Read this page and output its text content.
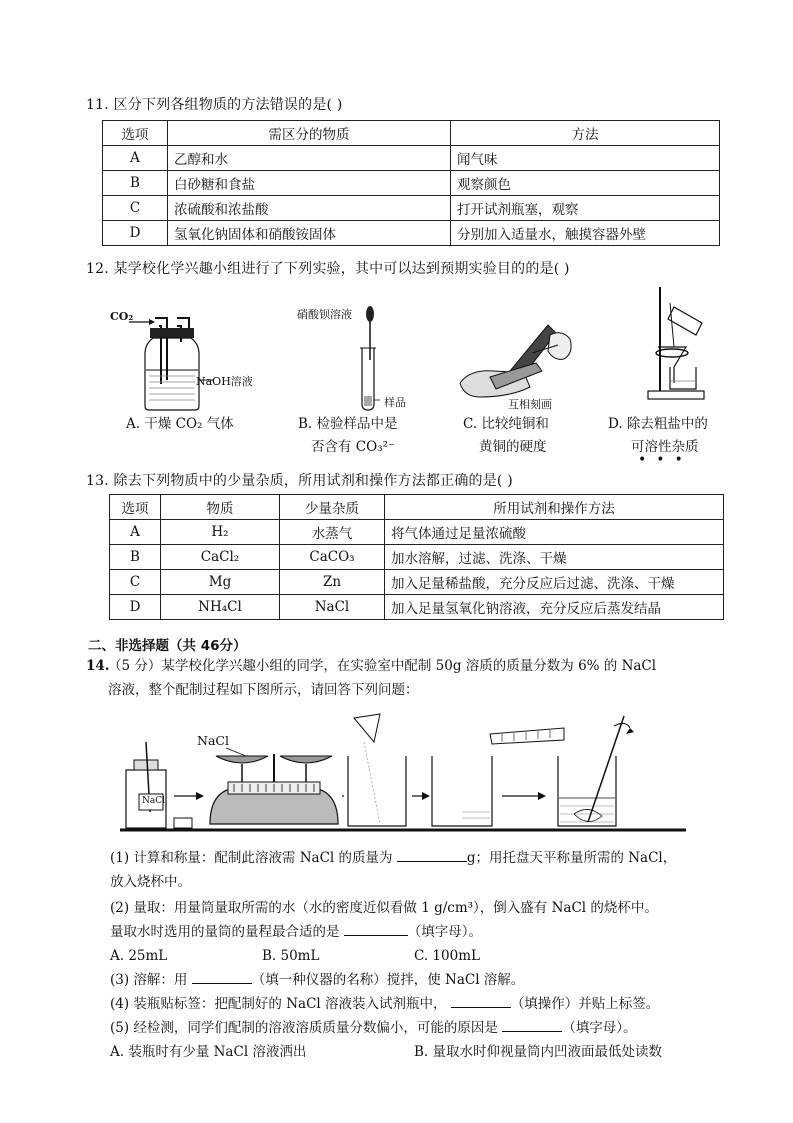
11. 区分下列各组物质的方法错误的是( )
选项	需区分的物质	方法
A	乙醇和水	闻气味
B	白砂糖和食盐	观察颜色
C	浓硫酸和浓盐酸	打开试剂瓶塞，观察
D	氢氧化钠固体和硝酸铵固体	分别加入适量水，触摸容器外壁
12. 某学校化学兴趣小组进行了下列实验，其中可以达到预期实验目的的是( )
CO₂
NaOH溶液
硝酸钡溶液
样品	互相刻画
A. 干燥 CO₂ 气体	B. 检验样品中是
否含有 CO₃²⁻
C. 比较纯铜和
黄铜的硬度
D. 除去粗盐中的
可溶性杂质
•••
13. 除去下列物质中的少量杂质，所用试剂和操作方法都正确的是( )
选项	物质	少量杂质	所用试剂和操作方法
A	H₂	水蒸气	将气体通过足量浓硫酸
B	CaCl₂	CaCO₃	加水溶解，过滤、洗涤、干燥
C	Mg	Zn	加入足量稀盐酸，充分反应后过滤、洗涤、干燥
D	NH₄Cl	NaCl	加入足量氢氧化钠溶液，充分反应后蒸发结晶
二、非选择题（共 46分）
14.
（5 分）某学校化学兴趣小组的同学，在实验室中配制 50g 溶质的质量分数为 6% 的 NaCl
溶液，整个配制过程如下图所示，请回答下列问题：
NaCl
NaCl
(1) 计算和称量：配制此溶液需 NaCl 的质量为	g；用托盘天平称量所需的 NaCl，
放入烧杯中。
(2) 量取：用量筒量取所需的水（水的密度近似看做 1 g/cm³），倒入盛有 NaCl 的烧杯中。
量取水时选用的量筒的量程最合适的是	（填字母）。
A. 25mL	B. 50mL	C. 100mL
(3) 溶解：用	（填一种仪器的名称）搅拌，使 NaCl 溶解。
(4) 装瓶贴标签：把配制好的 NaCl 溶液装入试剂瓶中，	（填操作）并贴上标签。
(5) 经检测，同学们配制的溶液溶质质量分数偏小，可能的原因是	（填字母）。
A. 装瓶时有少量 NaCl 溶液洒出	B. 量取水时仰视量筒内凹液面最低处读数
